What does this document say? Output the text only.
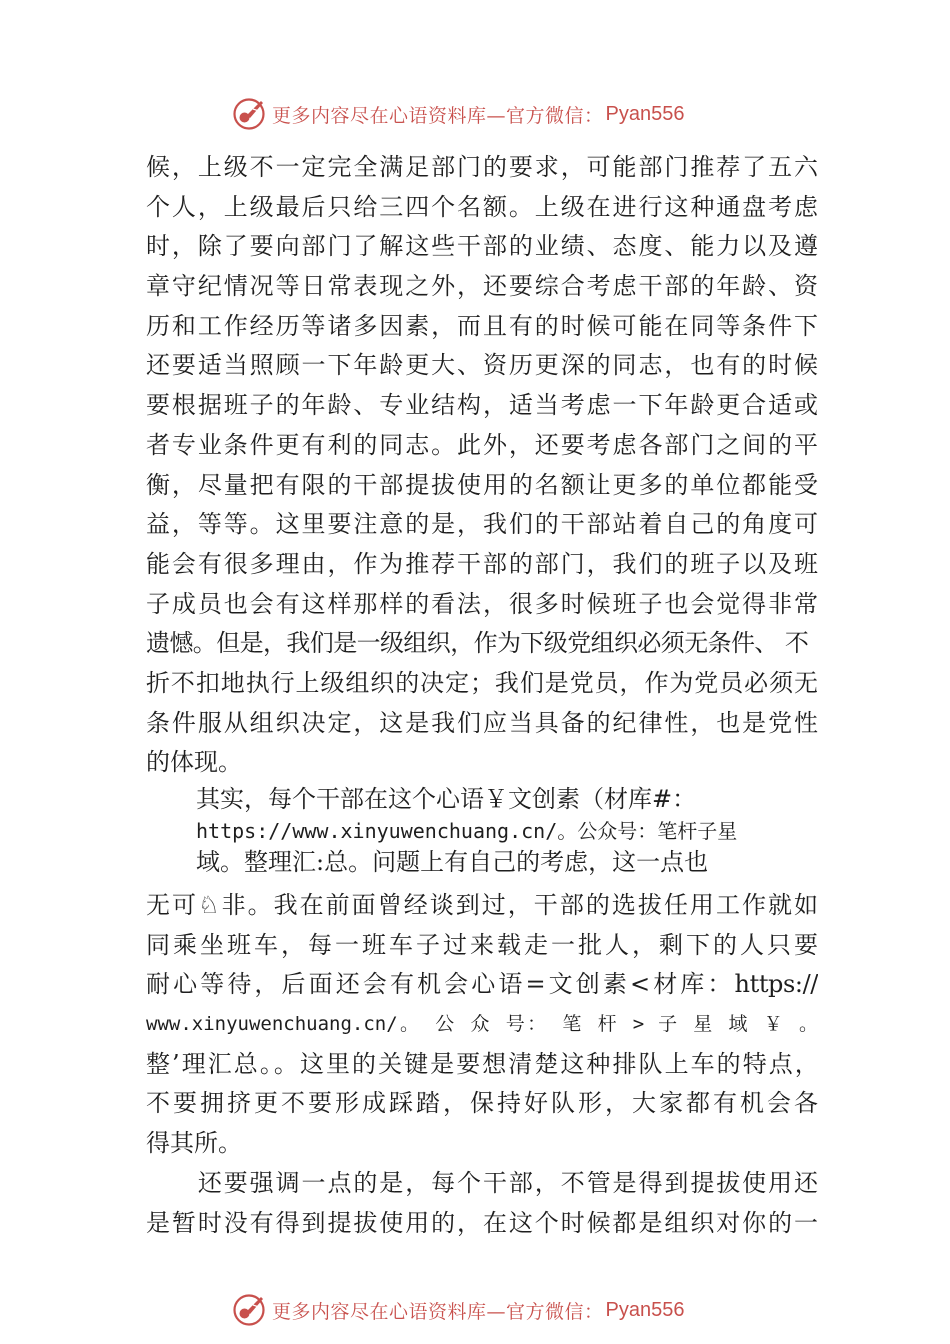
更多内容尽在心语资料库—官方微信： Pyan556
候，上级不一定完全满足部门的要求，可能部门推荐了五六
个人，上级最后只给三四个名额。上级在进行这种通盘考虑
时，除了要向部门了解这些干部的业绩、态度、能力以及遵
章守纪情况等日常表现之外，还要综合考虑干部的年龄、资
历和工作经历等诸多因素，而且有的时候可能在同等条件下
还要适当照顾一下年龄更大、资历更深的同志，也有的时候
要根据班子的年龄、专业结构，适当考虑一下年龄更合适或
者专业条件更有利的同志。此外，还要考虑各部门之间的平
衡，尽量把有限的干部提拔使用的名额让更多的单位都能受
益，等等。这里要注意的是，我们的干部站着自己的角度可
能会有很多理由，作为推荐干部的部门，我们的班子以及班
子成员也会有这样那样的看法，很多时候班子也会觉得非常
遗憾。但是，我们是一级组织，作为下级党组织必须无条件、 不
折不扣地执行上级组织的决定；我们是党员，作为党员必须无
条件服从组织决定，这是我们应当具备的纪律性，也是党性
的体现。
其实，每个干部在这个心语￥文创素（材库#：
https://www.xinyuwenchuang.cn/。公众号：笔杆子星
域。整理汇:总。问题上有自己的考虑，这一点也
无可♘非。我在前面曾经谈到过，干部的选拔任用工作就如
同乘坐班车，每一班车子过来载走一批人，剩下的人只要
耐心等待，后面还会有机会心语=文创素<材库：https://
www.xinyuwenchuang.cn/。 公 众 号： 笔 杆 > 子 星 域 ￥ 。
整’理汇总。。这里的关键是要想清楚这种排队上车的特点，
不要拥挤更不要形成踩踏，保持好队形，大家都有机会各
得其所。
　　还要强调一点的是，每个干部，不管是得到提拔使用还
是暂时没有得到提拔使用的，在这个时候都是组织对你的一
更多内容尽在心语资料库—官方微信： Pyan556
